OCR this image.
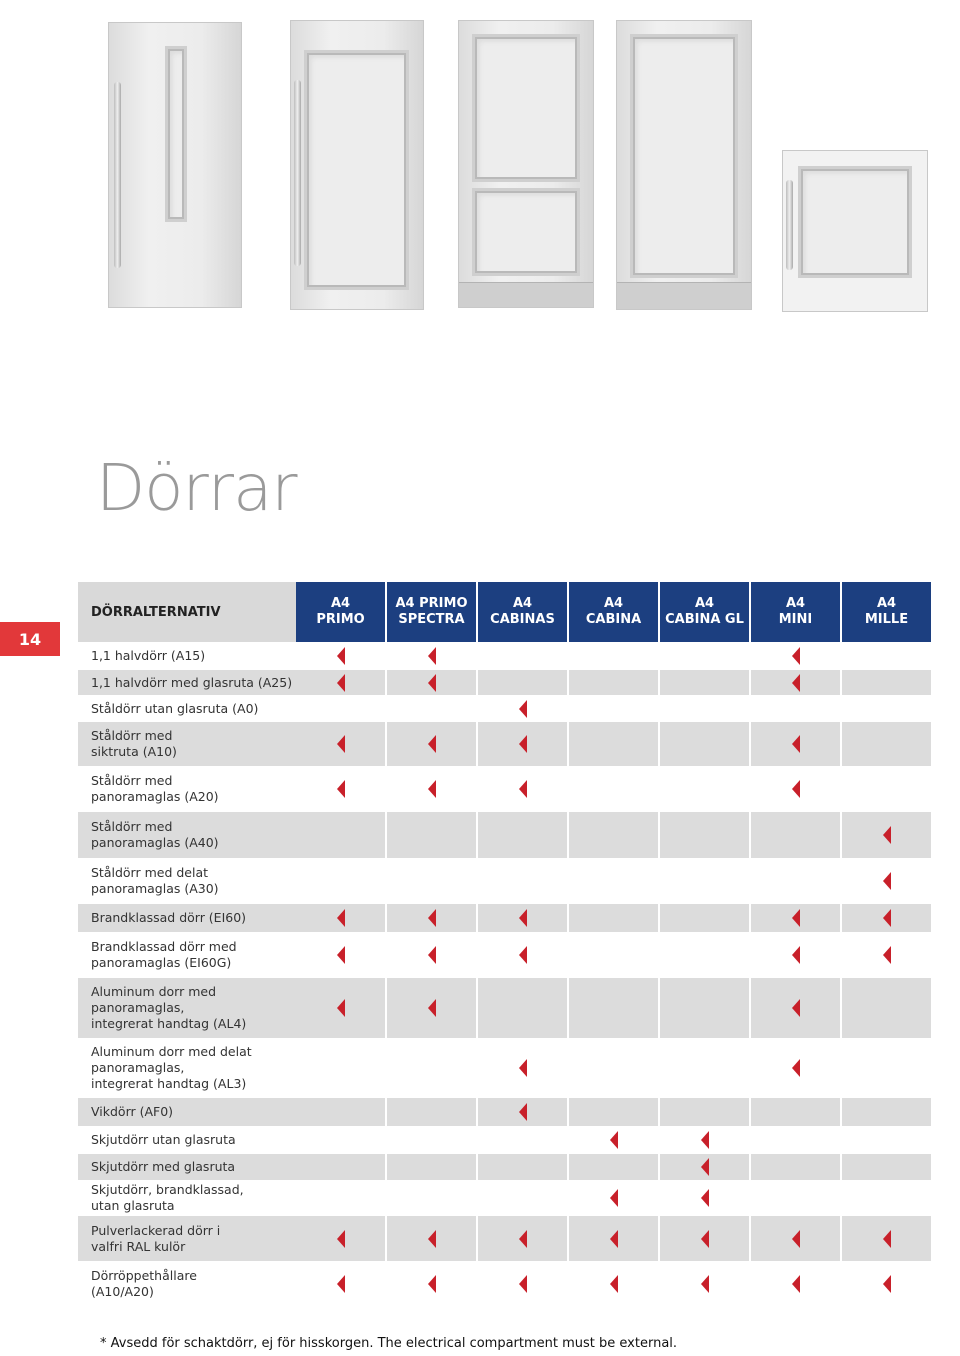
Dörrar
14
DÖRRALTERNATIV
A4
PRIMO
A4 PRIMO
SPECTRA
A4
CABINAS
A4
CABINA
A4
CABINA GL
A4
MINI
A4
MILLE
1,1 halvdörr (A15)
1,1 halvdörr med glasruta (A25)
Ståldörr utan glasruta (A0)
Ståldörr med
siktruta (A10)
Ståldörr med
panoramaglas (A20)
Ståldörr med
panoramaglas (A40)
Ståldörr med delat
panoramaglas (A30)
Brandklassad dörr (EI60)
Brandklassad dörr med
panoramaglas (EI60G)
Aluminum dorr med
panoramaglas,
integrerat handtag (AL4)
Aluminum dorr med delat
panoramaglas,
integrerat handtag (AL3)
Vikdörr (AF0)
Skjutdörr utan glasruta
Skjutdörr med glasruta
Skjutdörr, brandklassad,
utan glasruta
Pulverlackerad dörr i
valfri RAL kulör
Dörröppethållare
(A10/A20)
* Avsedd för schaktdörr, ej för hisskorgen. The electrical compartment must be external.
